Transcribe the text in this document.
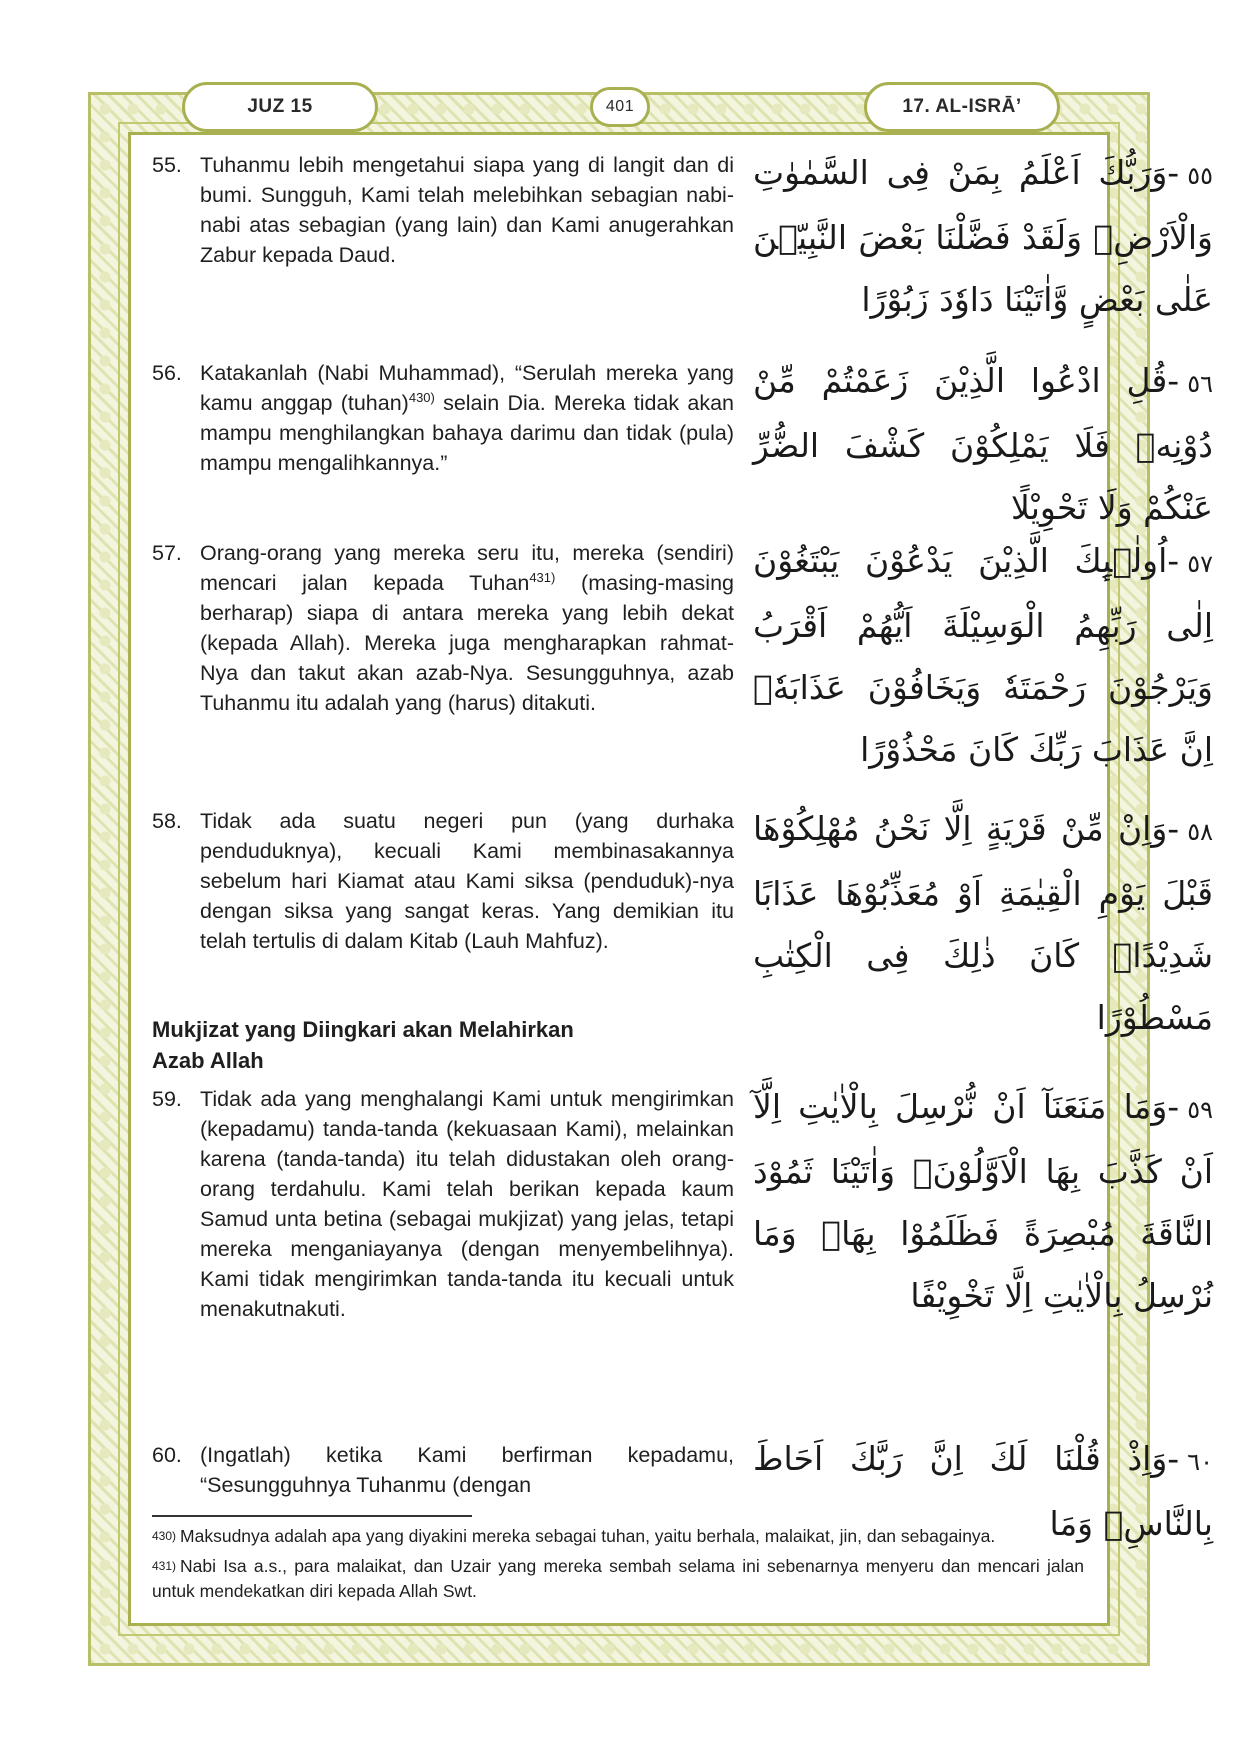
JUZ 15	401	17. AL-ISRĀ’
55. Tuhanmu lebih mengetahui siapa yang di langit dan di bumi. Sungguh, Kami telah melebihkan sebagian nabi-nabi atas sebagian (yang lain) dan Kami anugerahkan Zabur kepada Daud.
٥٥-وَرَبُّكَ اَعْلَمُ بِمَنْ فِى السَّمٰوٰتِ وَالْاَرْضِۗ وَلَقَدْ فَضَّلْنَا بَعْضَ النَّبِيّٖنَ عَلٰى بَعْضٍ وَّاٰتَيْنَا دَاوٗدَ زَبُوْرًا
56. Katakanlah (Nabi Muhammad), “Serulah mereka yang kamu anggap (tuhan)$^{430)}$ selain Dia. Mereka tidak akan mampu menghilangkan bahaya darimu dan tidak (pula) mampu mengalihkannya.”
٥٦-قُلِ ادْعُوا الَّذِيْنَ زَعَمْتُمْ مِّنْ دُوْنِهٖ فَلَا يَمْلِكُوْنَ كَشْفَ الضُّرِّ عَنْكُمْ وَلَا تَحْوِيْلًا
57. Orang-orang yang mereka seru itu, mereka (sendiri) mencari jalan kepada Tuhan$^{431)}$ (masing-masing berharap) siapa di antara mereka yang lebih dekat (kepada Allah). Mereka juga mengharapkan rahmat-Nya dan takut akan azab-Nya. Sesungguhnya, azab Tuhanmu itu adalah yang (harus) ditakuti.
٥٧-اُولٰۤىِٕكَ الَّذِيْنَ يَدْعُوْنَ يَبْتَغُوْنَ اِلٰى رَبِّهِمُ الْوَسِيْلَةَ اَيُّهُمْ اَقْرَبُ وَيَرْجُوْنَ رَحْمَتَهٗ وَيَخَافُوْنَ عَذَابَهٗۗ اِنَّ عَذَابَ رَبِّكَ كَانَ مَحْذُوْرًا
58. Tidak ada suatu negeri pun (yang durhaka penduduknya), kecuali Kami membinasakannya sebelum hari Kiamat atau Kami siksa (penduduk)-nya dengan siksa yang sangat keras. Yang demikian itu telah tertulis di dalam Kitab (Lauh Mahfuz).
٥٨-وَاِنْ مِّنْ قَرْيَةٍ اِلَّا نَحْنُ مُهْلِكُوْهَا قَبْلَ يَوْمِ الْقِيٰمَةِ اَوْ مُعَذِّبُوْهَا عَذَابًا شَدِيْدًاۗ كَانَ ذٰلِكَ فِى الْكِتٰبِ مَسْطُوْرًا
Mukjizat yang Diingkari akan Melahirkan Azab Allah
59. Tidak ada yang menghalangi Kami untuk mengirimkan (kepadamu) tanda-tanda (kekuasaan Kami), melainkan karena (tanda-tanda) itu telah didustakan oleh orang-orang terdahulu. Kami telah berikan kepada kaum Samud unta betina (sebagai mukjizat) yang jelas, tetapi mereka menganiayanya (dengan menyembelihnya). Kami tidak mengirimkan tanda-tanda itu kecuali untuk menakutnakuti.
٥٩-وَمَا مَنَعَنَآ اَنْ نُّرْسِلَ بِالْاٰيٰتِ اِلَّآ اَنْ كَذَّبَ بِهَا الْاَوَّلُوْنَۗ وَاٰتَيْنَا ثَمُوْدَ النَّاقَةَ مُبْصِرَةً فَظَلَمُوْا بِهَاۗ وَمَا نُرْسِلُ بِالْاٰيٰتِ اِلَّا تَخْوِيْفًا
60. (Ingatlah) ketika Kami berfirman kepadamu, “Sesungguhnya Tuhanmu (dengan
٦٠-وَاِذْ قُلْنَا لَكَ اِنَّ رَبَّكَ اَحَاطَ بِالنَّاسِۗ وَمَا
$^{430)}$ Maksudnya adalah apa yang diyakini mereka sebagai tuhan, yaitu berhala, malaikat, jin, dan sebagainya.
$^{431)}$ Nabi Isa a.s., para malaikat, dan Uzair yang mereka sembah selama ini sebenarnya menyeru dan mencari jalan untuk mendekatkan diri kepada Allah Swt.
